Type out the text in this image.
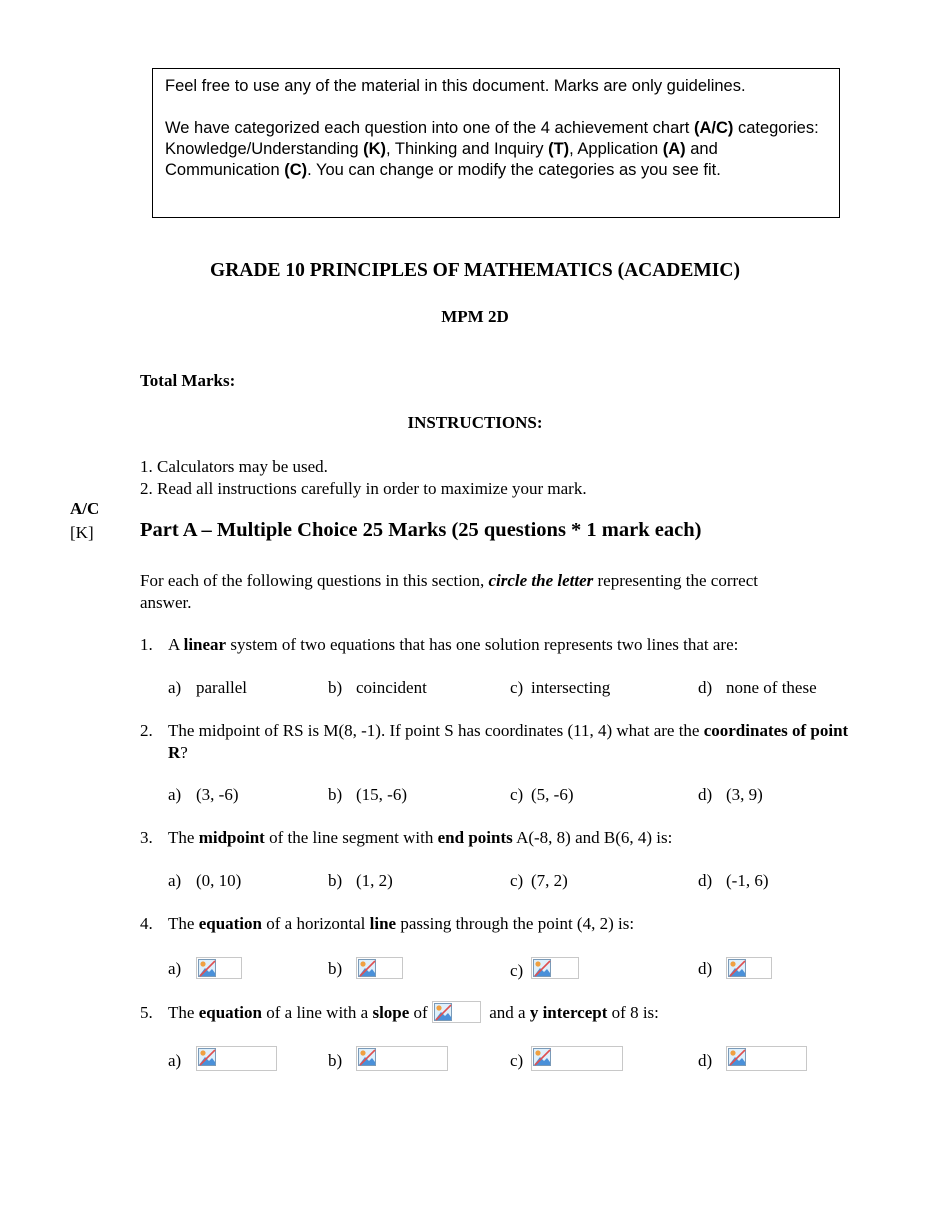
Feel free to use any of the material in this document. Marks are only guidelines.

We have categorized each question into one of the 4 achievement chart (A/C) categories: Knowledge/Understanding (K), Thinking and Inquiry (T), Application (A) and Communication (C). You can change or modify the categories as you see fit.

GRADE 10 PRINCIPLES OF MATHEMATICS (ACADEMIC)
MPM 2D
Total Marks:
INSTRUCTIONS:
1. Calculators may be used.
2. Read all instructions carefully in order to maximize your mark.
A/C
[K] Part A – Multiple Choice 25 Marks (25 questions * 1 mark each)
For each of the following questions in this section, circle the letter representing the correct answer.
1. A linear system of two equations that has one solution represents two lines that are:
a) parallel	b) coincident	c) intersecting	d) none of these
2. The midpoint of RS is M(8, -1). If point S has coordinates (11, 4) what are the coordinates of point R?
a) (3, -6)	b) (15, -6)	c) (5, -6)	d) (3, 9)
3. The midpoint of the line segment with end points A(-8, 8) and B(6, 4) is:
a) (0, 10)	b) (1, 2)	c) (7, 2)	d) (-1, 6)
4. The equation of a horizontal line passing through the point (4, 2) is:
a)	b)	c)	d)
5. The equation of a line with a slope of	and a y intercept of 8 is:
a)	b)	c)	d)
